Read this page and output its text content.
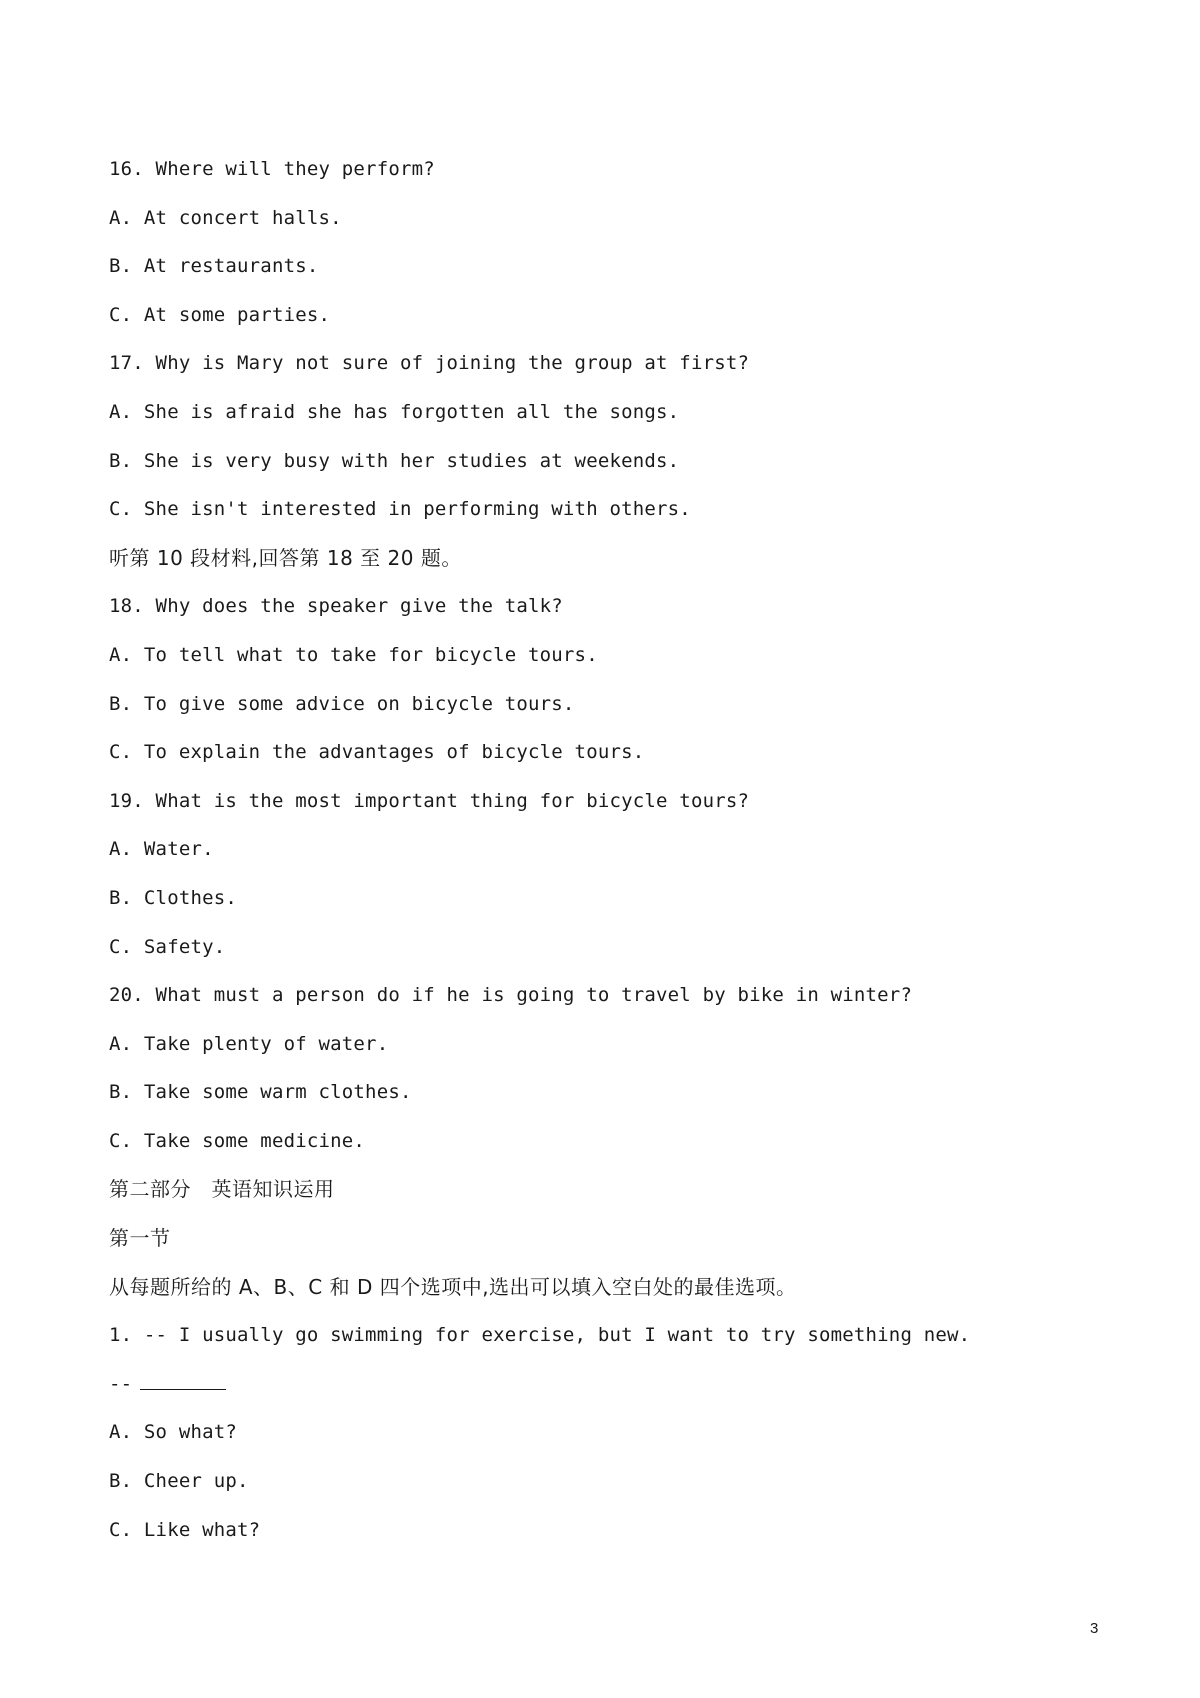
16. Where will they perform?
A. At concert halls.
B. At restaurants.
C. At some parties.
17. Why is Mary not sure of joining the group at first?
A. She is afraid she has forgotten all the songs.
B. She is very busy with her studies at weekends.
C. She isn't interested in performing with others.
听第 10 段材料,回答第 18 至 20 题。
18. Why does the speaker give the talk?
A. To tell what to take for bicycle tours.
B. To give some advice on bicycle tours.
C. To explain the advantages of bicycle tours.
19. What is the most important thing for bicycle tours?
A. Water.
B. Clothes.
C. Safety.
20. What must a person do if he is going to travel by bike in winter?
A. Take plenty of water.
B. Take some warm clothes.
C. Take some medicine.
第二部分　英语知识运用
第一节
从每题所给的 A、B、C 和 D 四个选项中,选出可以填入空白处的最佳选项。
1. -- I usually go swimming for exercise, but I want to try something new.
--
A. So what?
B. Cheer up.
C. Like what?
3
